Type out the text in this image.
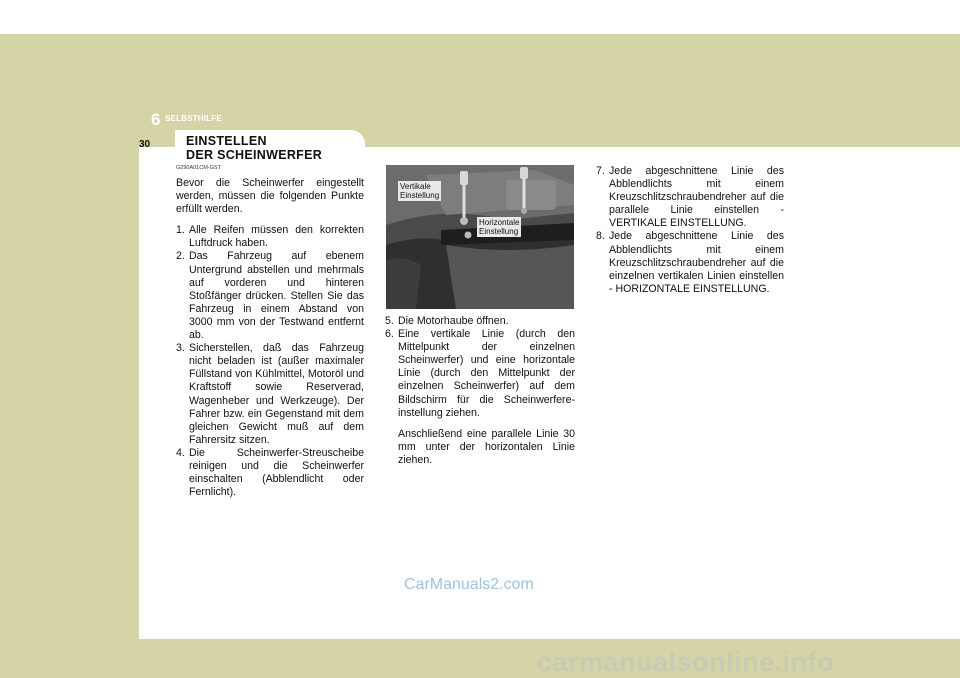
6 SELBSTHILFE
30	EINSTELLEN
DER SCHEINWERFER
G290A01CM-GST

Bevor die Scheinwerfer eingestellt werden, müssen die folgenden Punkte erfüllt werden.

1. Alle Reifen müssen den korrekten Luftdruck haben.
2. Das Fahrzeug auf ebenem Untergrund abstellen und mehrmals auf vorderen und hinteren Stoßfänger drücken. Stellen Sie das Fahrzeug in einem Abstand von 3000 mm von der Testwand entfernt ab.
3. Sicherstellen, daß das Fahrzeug nicht beladen ist (außer maximaler Füllstand von Kühlmittel, Motoröl und Kraftstoff sowie Reserverad, Wagenheber und Werkzeuge). Der Fahrer bzw. ein Gegenstand mit dem gleichen Gewicht muß auf dem Fahrersitz sitzen.
4. Die Scheinwerfer-Streuscheibe reinigen und die Scheinwerfer einschalten (Abblendlicht oder Fernlicht).
Vertikale
Einstellung
Horizontale
Einstellung
5. Die Motorhaube öffnen.
6. Eine vertikale Linie (durch den Mittelpunkt der einzelnen Scheinwerfer) und eine horizontale Linie (durch den Mittelpunkt der einzelnen Scheinwerfer) auf dem Bildschirm für die Scheinwerfere-instellung ziehen.

Anschließend eine parallele Linie 30 mm unter der horizontalen Linie ziehen.

7. Jede abgeschnittene Linie des Abblendlichts mit einem Kreuzschlitzschraubendreher auf die parallele Linie einstellen - VERTIKALE EINSTELLUNG.
8. Jede abgeschnittene Linie des Abblendlichts mit einem Kreuzschlitzschraubendreher auf die einzelnen vertikalen Linien einstellen - HORIZONTALE EINSTELLUNG.
CarManuals2.com
carmanualsonline.info
